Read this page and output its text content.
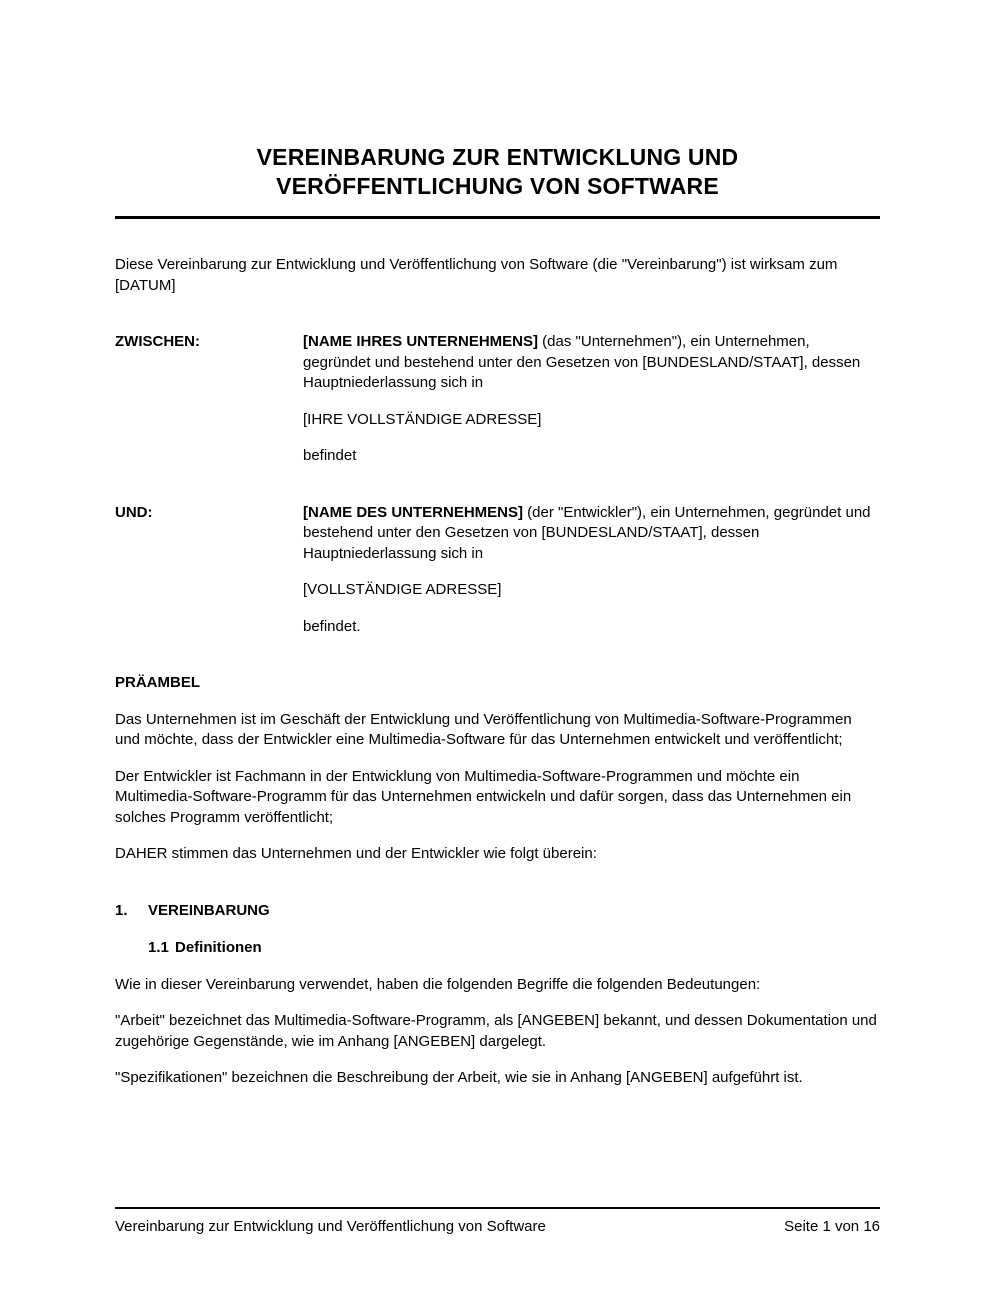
VEREINBARUNG ZUR ENTWICKLUNG UND
VERÖFFENTLICHUNG VON SOFTWARE

Diese Vereinbarung zur Entwicklung und Veröffentlichung von Software (die "Vereinbarung") ist wirksam zum [DATUM]

ZWISCHEN:	[NAME IHRES UNTERNEHMENS] (das "Unternehmen"), ein Unternehmen, gegründet und bestehend unter den Gesetzen von [BUNDESLAND/STAAT], dessen Hauptniederlassung sich in

[IHRE VOLLSTÄNDIGE ADRESSE]

befindet

UND:	[NAME DES UNTERNEHMENS] (der "Entwickler"), ein Unternehmen, gegründet und bestehend unter den Gesetzen von [BUNDESLAND/STAAT], dessen Hauptniederlassung sich in

[VOLLSTÄNDIGE ADRESSE]

befindet.

PRÄAMBEL

Das Unternehmen ist im Geschäft der Entwicklung und Veröffentlichung von Multimedia-Software-Programmen und möchte, dass der Entwickler eine Multimedia-Software für das Unternehmen entwickelt und veröffentlicht;

Der Entwickler ist Fachmann in der Entwicklung von Multimedia-Software-Programmen und möchte ein Multimedia-Software-Programm für das Unternehmen entwickeln und dafür sorgen, dass das Unternehmen ein solches Programm veröffentlicht;

DAHER stimmen das Unternehmen und der Entwickler wie folgt überein:

1. VEREINBARUNG
1.1 Definitionen

Wie in dieser Vereinbarung verwendet, haben die folgenden Begriffe die folgenden Bedeutungen:

"Arbeit" bezeichnet das Multimedia-Software-Programm, als [ANGEBEN] bekannt, und dessen Dokumentation und zugehörige Gegenstände, wie im Anhang [ANGEBEN] dargelegt.

"Spezifikationen" bezeichnen die Beschreibung der Arbeit, wie sie in Anhang [ANGEBEN] aufgeführt ist.

Vereinbarung zur Entwicklung und Veröffentlichung von Software	Seite 1 von 16
